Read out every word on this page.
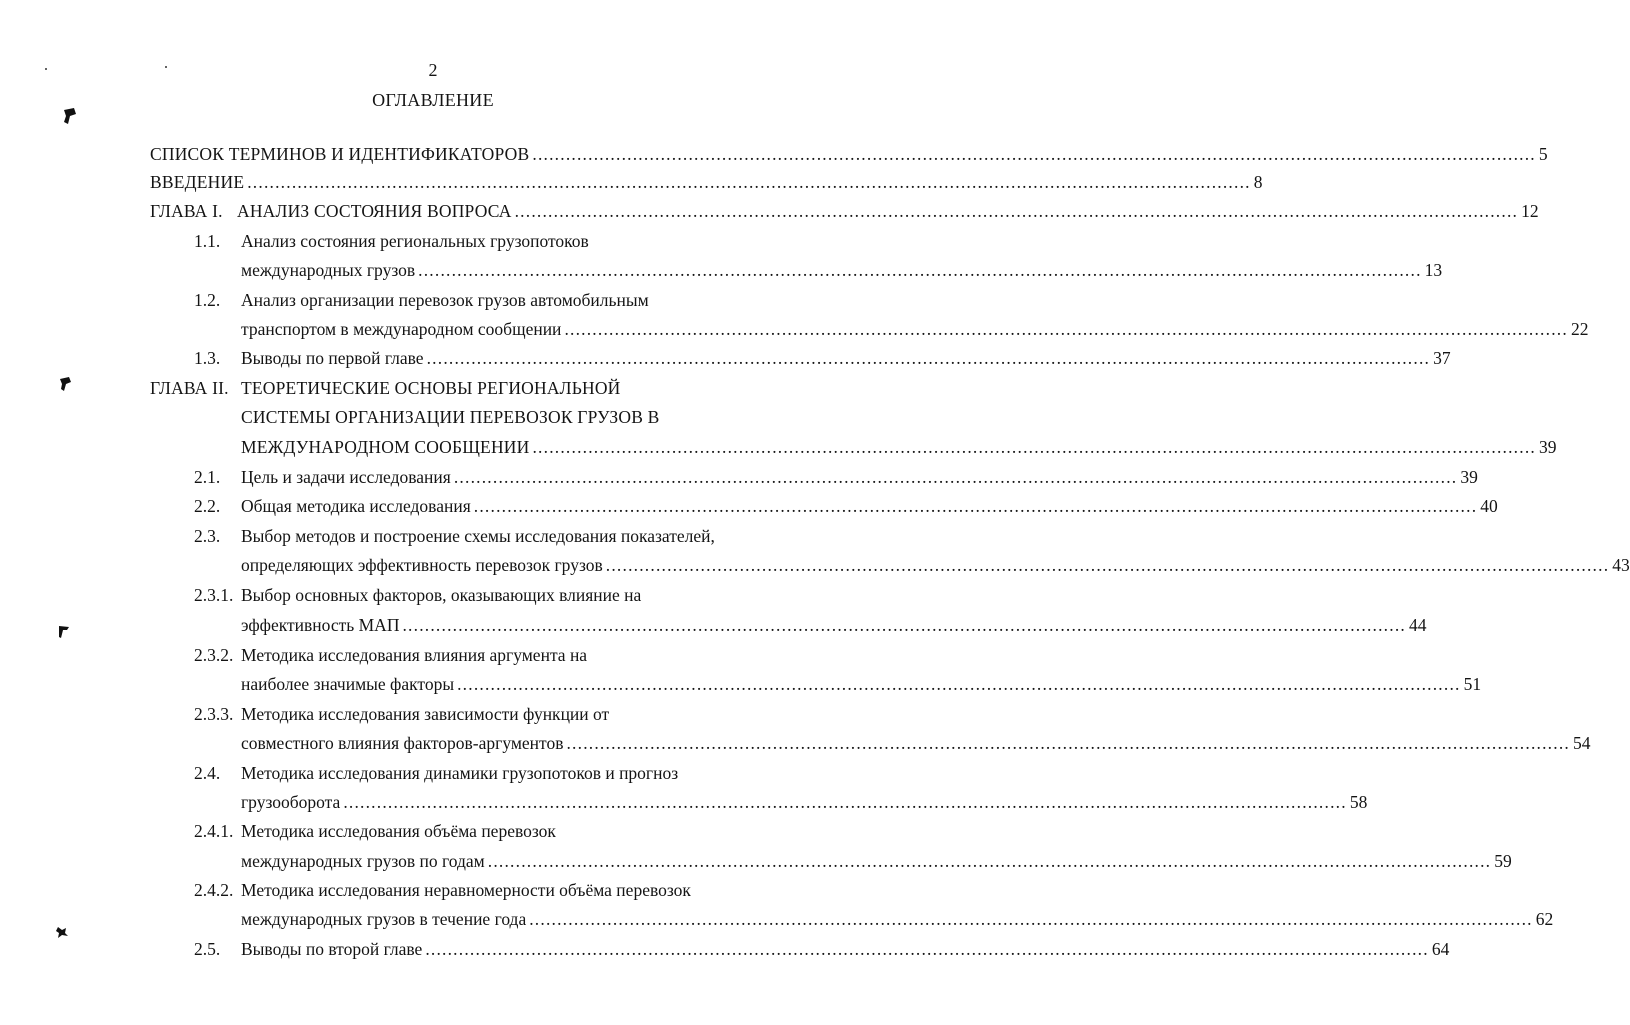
2
ОГЛАВЛЕНИЕ
СПИСОК ТЕРМИНОВ И ИДЕНТИФИКАТОРОВ .................................................................................................................................................................................... 5
ВВЕДЕНИЕ .................................................................................................................................................................................... 8
ГЛАВА I. АНАЛИЗ СОСТОЯНИЯ ВОПРОСА .................................................................................................................................................................................... 12
1.1. Анализ состояния региональных грузопотоков
международных грузов .................................................................................................................................................................................... 13
1.2. Анализ организации перевозок грузов автомобильным
транспортом в международном сообщении .................................................................................................................................................................................... 22
1.3. Выводы по первой главе .................................................................................................................................................................................... 37
ГЛАВА II. ТЕОРЕТИЧЕСКИЕ ОСНОВЫ РЕГИОНАЛЬНОЙ
СИСТЕМЫ ОРГАНИЗАЦИИ ПЕРЕВОЗОК ГРУЗОВ В
МЕЖДУНАРОДНОМ СООБЩЕНИИ .................................................................................................................................................................................... 39
2.1. Цель и задачи исследования .................................................................................................................................................................................... 39
2.2. Общая методика исследования .................................................................................................................................................................................... 40
2.3. Выбор методов и построение схемы исследования показателей,
определяющих эффективность перевозок грузов .................................................................................................................................................................................... 43
2.3.1. Выбор основных факторов, оказывающих влияние на
эффективность МАП .................................................................................................................................................................................... 44
2.3.2. Методика исследования влияния аргумента на
наиболее значимые факторы .................................................................................................................................................................................... 51
2.3.3. Методика исследования зависимости функции от
совместного влияния факторов-аргументов .................................................................................................................................................................................... 54
2.4. Методика исследования динамики грузопотоков и прогноз
грузооборота .................................................................................................................................................................................... 58
2.4.1. Методика исследования объёма перевозок
международных грузов по годам .................................................................................................................................................................................... 59
2.4.2. Методика исследования неравномерности объёма перевозок
международных грузов в течение года .................................................................................................................................................................................... 62
2.5. Выводы по второй главе .................................................................................................................................................................................... 64
